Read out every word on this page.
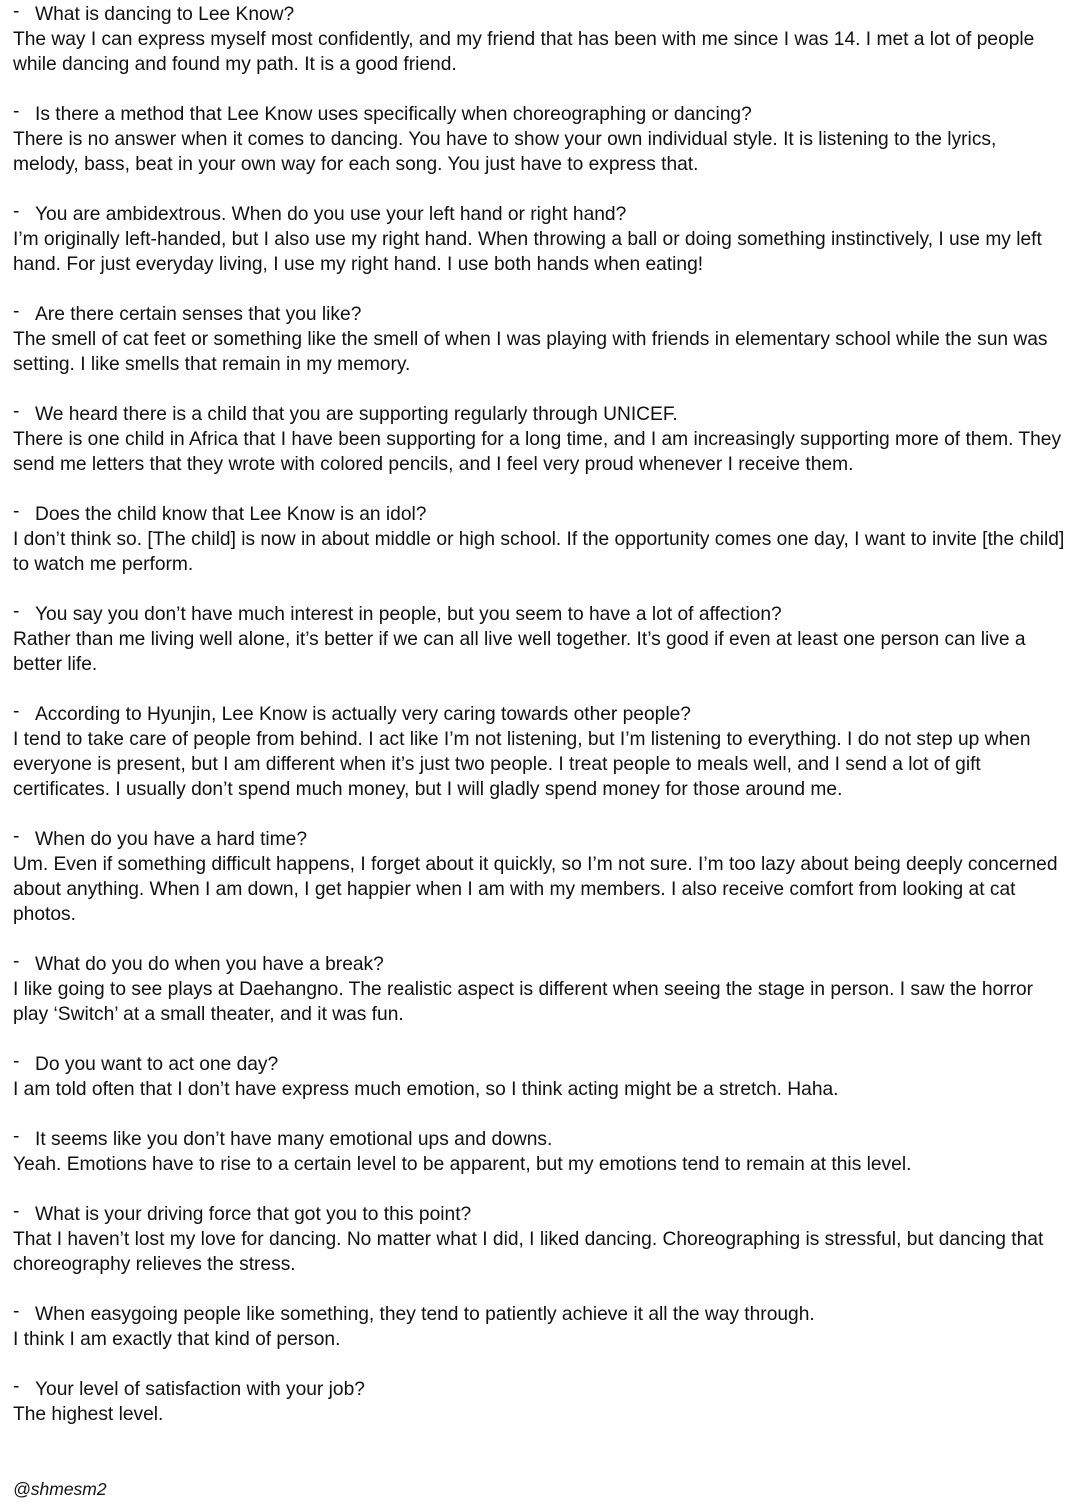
- What is dancing to Lee Know?

The way I can express myself most confidently, and my friend that has been with me since I was 14. I met a lot of people while dancing and found my path. It is a good friend.

- Is there a method that Lee Know uses specifically when choreographing or dancing?

There is no answer when it comes to dancing. You have to show your own individual style. It is listening to the lyrics, melody, bass, beat in your own way for each song. You just have to express that.

- You are ambidextrous. When do you use your left hand or right hand?

I’m originally left-handed, but I also use my right hand. When throwing a ball or doing something instinctively, I use my left hand. For just everyday living, I use my right hand. I use both hands when eating!

- Are there certain senses that you like?

The smell of cat feet or something like the smell of when I was playing with friends in elementary school while the sun was setting. I like smells that remain in my memory.

- We heard there is a child that you are supporting regularly through UNICEF.

There is one child in Africa that I have been supporting for a long time, and I am increasingly supporting more of them. They send me letters that they wrote with colored pencils, and I feel very proud whenever I receive them.

- Does the child know that Lee Know is an idol?

I don’t think so. [The child] is now in about middle or high school. If the opportunity comes one day, I want to invite [the child] to watch me perform.

- You say you don’t have much interest in people, but you seem to have a lot of affection?

Rather than me living well alone, it’s better if we can all live well together. It’s good if even at least one person can live a better life.

- According to Hyunjin, Lee Know is actually very caring towards other people?

I tend to take care of people from behind. I act like I’m not listening, but I’m listening to everything. I do not step up when everyone is present, but I am different when it’s just two people. I treat people to meals well, and I send a lot of gift certificates. I usually don’t spend much money, but I will gladly spend money for those around me.

- When do you have a hard time?

Um. Even if something difficult happens, I forget about it quickly, so I’m not sure. I’m too lazy about being deeply concerned about anything. When I am down, I get happier when I am with my members. I also receive comfort from looking at cat photos.

- What do you do when you have a break?

I like going to see plays at Daehangno. The realistic aspect is different when seeing the stage in person. I saw the horror play ‘Switch’ at a small theater, and it was fun.

- Do you want to act one day?

I am told often that I don’t have express much emotion, so I think acting might be a stretch. Haha.

- It seems like you don’t have many emotional ups and downs.

Yeah. Emotions have to rise to a certain level to be apparent, but my emotions tend to remain at this level.

- What is your driving force that got you to this point?

That I haven’t lost my love for dancing. No matter what I did, I liked dancing. Choreographing is stressful, but dancing that choreography relieves the stress.

- When easygoing people like something, they tend to patiently achieve it all the way through.

I think I am exactly that kind of person.

- Your level of satisfaction with your job?

The highest level.

@shmesm2
